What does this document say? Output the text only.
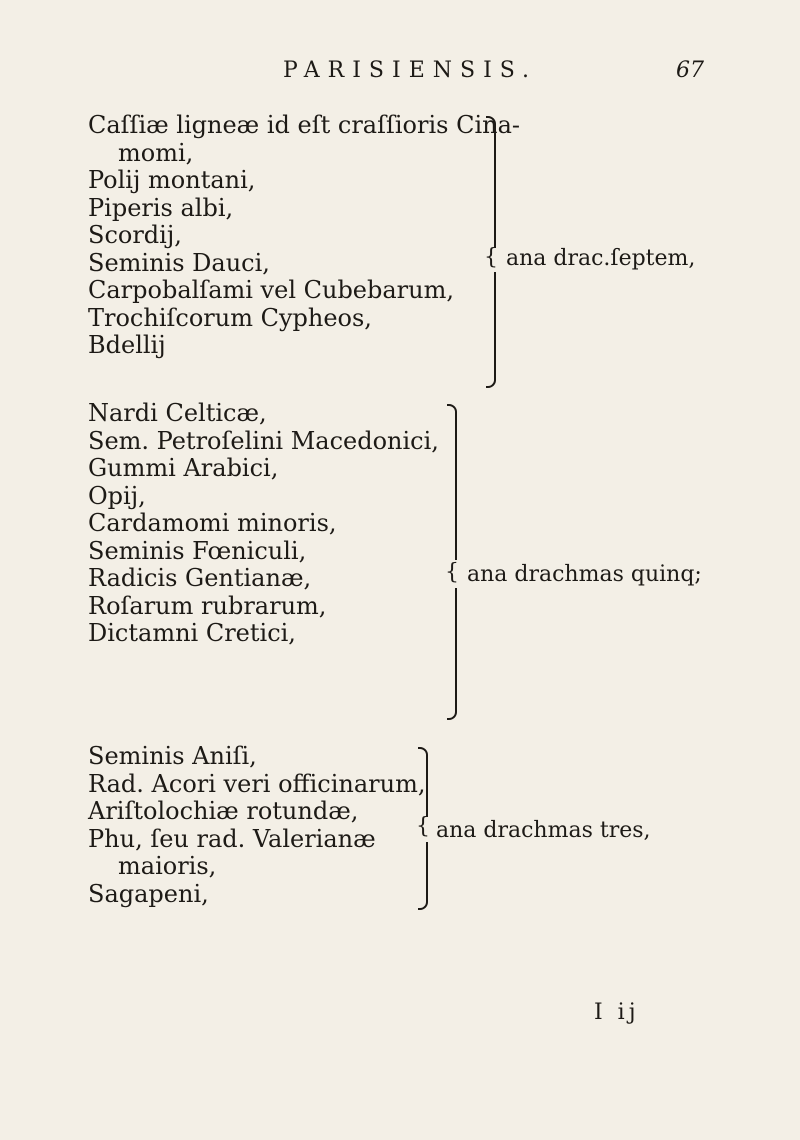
PARISIENSIS.	67
Caſſiæ ligneæ id eſt craſſioris Cina-
momi,
Polij montani,
Piperis albi,
Scordij,
Seminis Dauci,
Carpobalſami vel Cubebarum,
Trochiſcorum Cypheos,
Bdellij
{ ana drac.ſeptem,
Nardi Celticæ,
Sem. Petroſelini Macedonici,
Gummi Arabici,
Opij,
Cardamomi minoris,
Seminis Fœniculi,
Radicis Gentianæ,
Roſarum rubrarum,
Dictamni Cretici,
{ ana drachmas quinq;
Seminis Aniſi,
Rad. Acori veri officinarum,
Ariſtolochiæ rotundæ,
Phu, ſeu rad. Valerianæ
maioris,
Sagapeni,
{ ana drachmas tres,
I ij
